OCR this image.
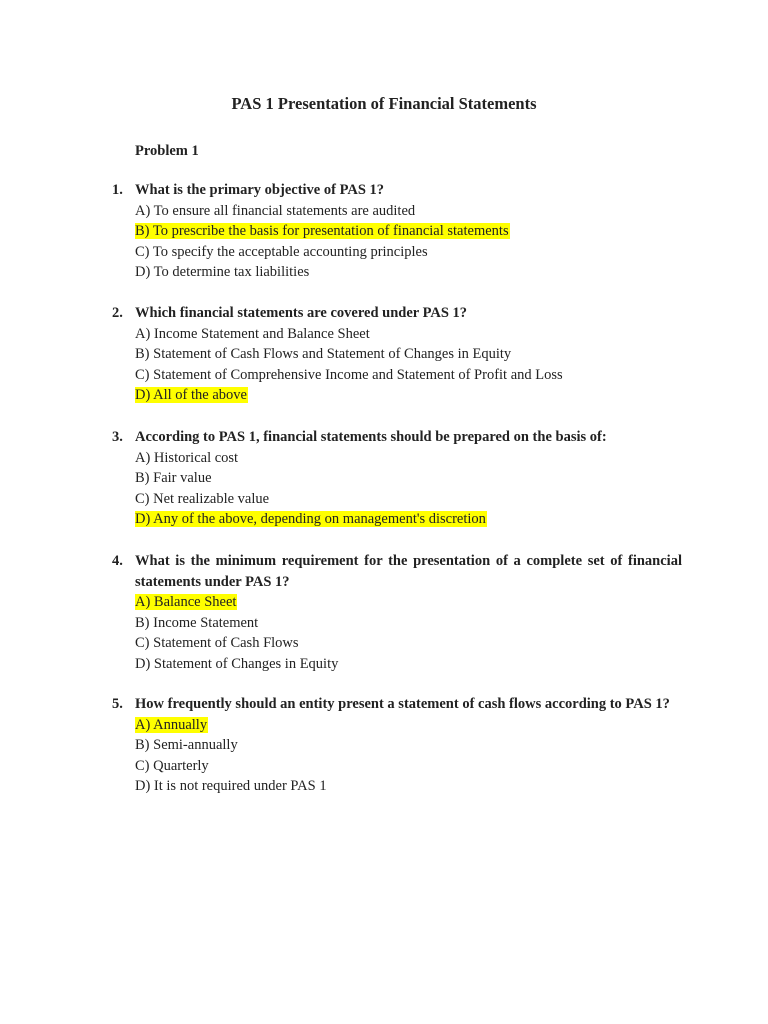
PAS 1 Presentation of Financial Statements

Problem 1

1. What is the primary objective of PAS 1?
A) To ensure all financial statements are audited
B) To prescribe the basis for presentation of financial statements
C) To specify the acceptable accounting principles
D) To determine tax liabilities
2. Which financial statements are covered under PAS 1?
A) Income Statement and Balance Sheet
B) Statement of Cash Flows and Statement of Changes in Equity
C) Statement of Comprehensive Income and Statement of Profit and Loss
D) All of the above
3. According to PAS 1, financial statements should be prepared on the basis of:
A) Historical cost
B) Fair value
C) Net realizable value
D) Any of the above, depending on management's discretion
4. What is the minimum requirement for the presentation of a complete set of financial statements under PAS 1?
A) Balance Sheet
B) Income Statement
C) Statement of Cash Flows
D) Statement of Changes in Equity
5. How frequently should an entity present a statement of cash flows according to PAS 1?
A) Annually
B) Semi-annually
C) Quarterly
D) It is not required under PAS 1
